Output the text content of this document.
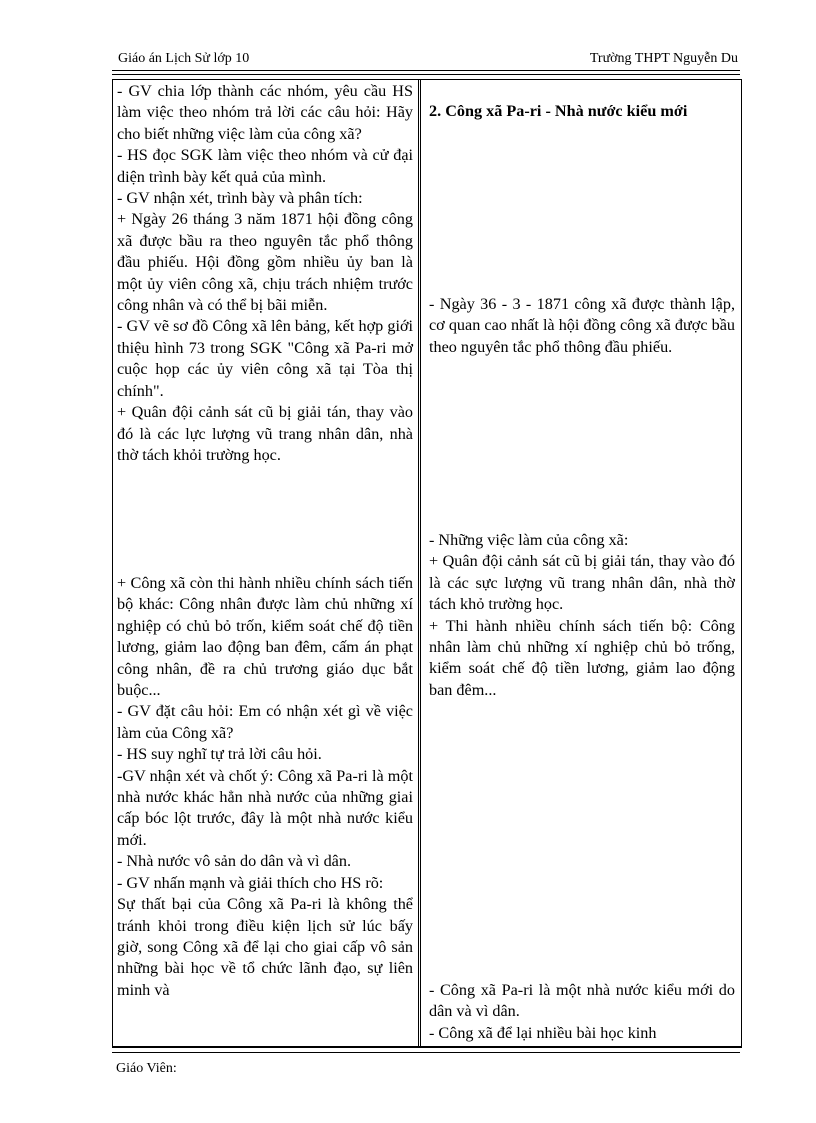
Giáo án Lịch Sử lớp 10	Trường THPT Nguyễn Du
- GV chia lớp thành các nhóm, yêu cầu HS làm việc theo nhóm trả lời các câu hỏi: Hãy cho biết những việc làm của công xã?
- HS đọc SGK làm việc theo nhóm và cử đại diện trình bày kết quả của mình.
- GV nhận xét, trình bày và phân tích:
+ Ngày 26 tháng 3 năm 1871 hội đồng công xã được bầu ra theo nguyên tắc phổ thông đầu phiếu. Hội đồng gồm nhiều ủy ban là một ủy viên công xã, chịu trách nhiệm trước công nhân và có thể bị bãi miễn.
- GV vẽ sơ đồ Công xã lên bảng, kết hợp giới thiệu hình 73 trong SGK "Công xã Pa-ri mở cuộc họp các ủy viên công xã tại Tòa thị chính".
+ Quân đội cảnh sát cũ bị giải tán, thay vào đó là các lực lượng vũ trang nhân dân, nhà thờ tách khỏi trường học.
+ Công xã còn thi hành nhiều chính sách tiến bộ khác: Công nhân được làm chủ những xí nghiệp có chủ bỏ trốn, kiểm soát chế độ tiền lương, giảm lao động ban đêm, cấm án phạt công nhân, đề ra chủ trương giáo dục bắt buộc...
- GV đặt câu hỏi: Em có nhận xét gì về việc làm của Công xã?
- HS suy nghĩ tự trả lời câu hỏi.
-GV nhận xét và chốt ý: Công xã Pa-ri là một nhà nước khác hẳn nhà nước của những giai cấp bóc lột trước, đây là một nhà nước kiểu mới.
- Nhà nước vô sản do dân và vì dân.
- GV nhấn mạnh và giải thích cho HS rõ:
Sự thất bại của Công xã Pa-ri là không thể tránh khỏi trong điều kiện lịch sử lúc bấy giờ, song Công xã để lại cho giai cấp vô sản những bài học về tổ chức lãnh đạo, sự liên minh và
2. Công xã Pa-ri - Nhà nước kiểu mới
- Ngày 36 - 3 - 1871 công xã được thành lập, cơ quan cao nhất là hội đồng công xã được bầu theo nguyên tắc phổ thông đầu phiếu.
- Những việc làm của công xã:
+ Quân đội cảnh sát cũ bị giải tán, thay vào đó là các sực lượng vũ trang nhân dân, nhà thờ tách khỏ trường học.
+ Thi hành nhiều chính sách tiến bộ: Công nhân làm chủ những xí nghiệp chủ bỏ trống, kiểm soát chế độ tiền lương, giảm lao động ban đêm...
- Công xã Pa-ri là một nhà nước kiểu mới do dân và vì dân.
- Công xã để lại nhiều bài học kinh
Giáo Viên:
